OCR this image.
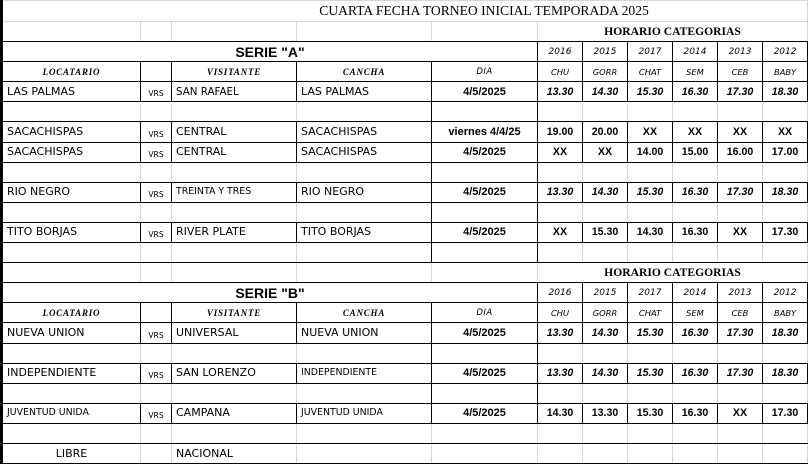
CUARTA FECHA TORNEO INICIAL TEMPORADA 2025										
					HORARIO CATEGORIAS					
SERIE "A"					2016	2015	2017	2014	2013	2012
LOCATARIO		VISITANTE	CANCHA	DIA	CHU	GORR	CHAT	SEM	CEB	BABY
LAS PALMAS	VRS	SAN RAFAEL	LAS PALMAS	4/5/2025	13.30	14.30	15.30	16.30	17.30	18.30

SACACHISPAS	VRS	CENTRAL	SACACHISPAS	viernes 4/4/25	19.00	20.00	XX	XX	XX	XX
SACACHISPAS	VRS	CENTRAL	SACACHISPAS	4/5/2025	XX	XX	14.00	15.00	16.00	17.00

RIO NEGRO	VRS	TREINTA Y TRES	RIO NEGRO	4/5/2025	13.30	14.30	15.30	16.30	17.30	18.30

TITO BORJAS	VRS	RIVER PLATE	TITO BORJAS	4/5/2025	XX	15.30	14.30	16.30	XX	17.30

					HORARIO CATEGORIAS					
SERIE "B"					2016	2015	2017	2014	2013	2012
LOCATARIO		VISITANTE	CANCHA	DIA	CHU	GORR	CHAT	SEM	CEB	BABY
NUEVA UNION	VRS	UNIVERSAL	NUEVA UNION	4/5/2025	13.30	14.30	15.30	16.30	17.30	18.30

INDEPENDIENTE	VRS	SAN LORENZO	INDEPENDIENTE	4/5/2025	13.30	14.30	15.30	16.30	17.30	18.30

JUVENTUD UNIDA	VRS	CAMPANA	JUVENTUD UNIDA	4/5/2025	14.30	13.30	15.30	16.30	XX	17.30

LIBRE		NACIONAL								
